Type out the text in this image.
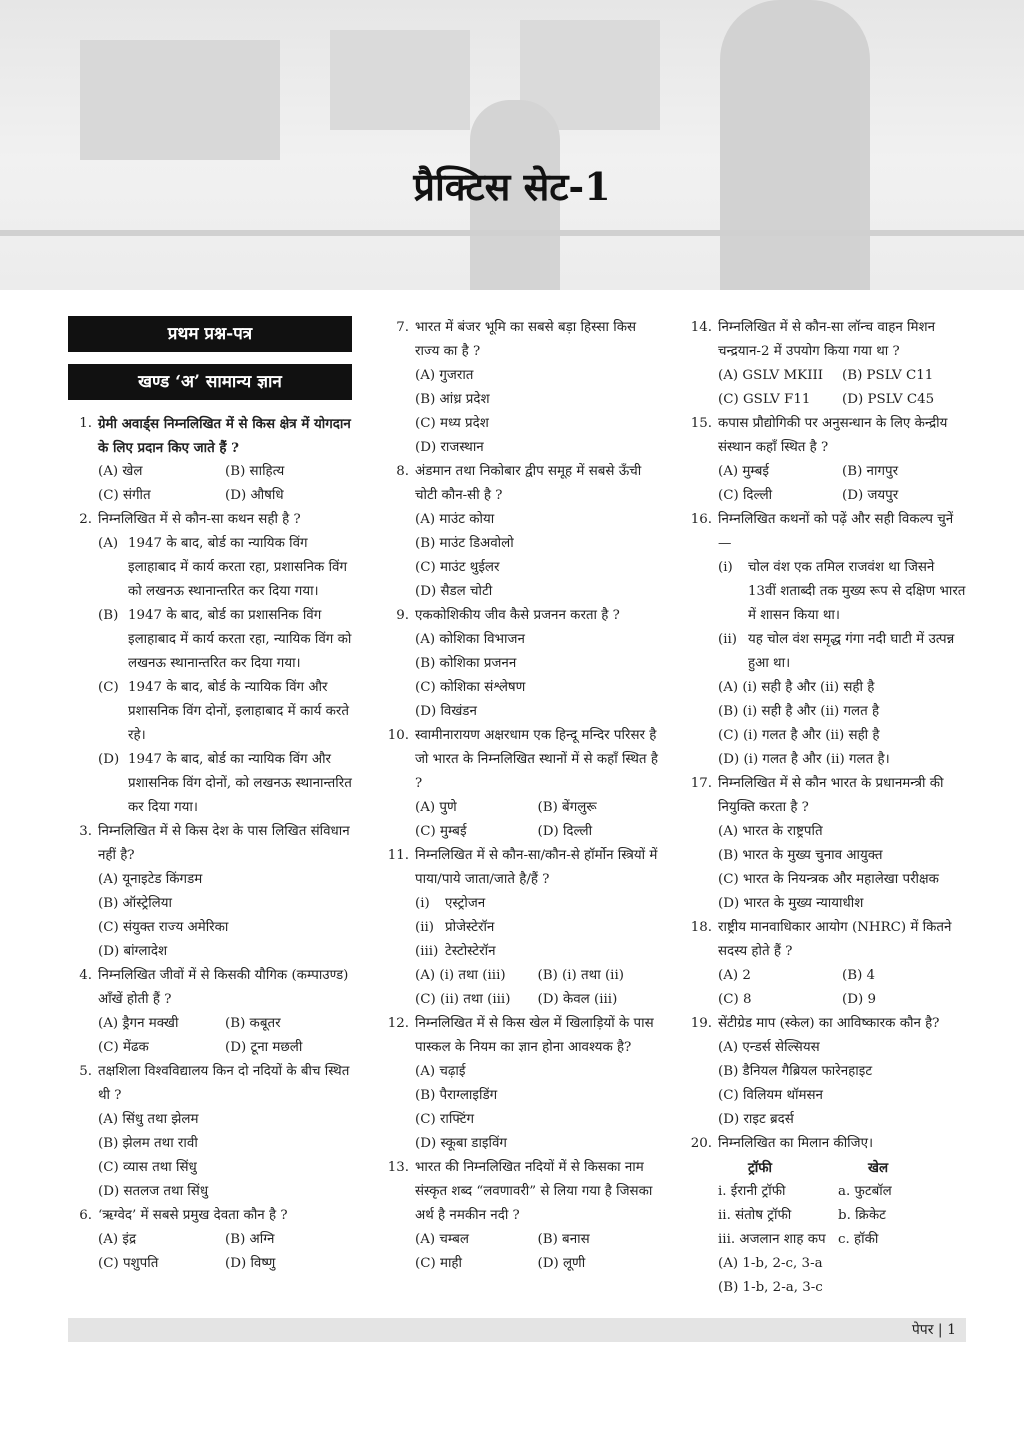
प्रैक्टिस सेट-1
प्रथम प्रश्न-पत्र
खण्ड ‘अ’ सामान्य ज्ञान
1. ग्रेमी अवार्ड्स निम्नलिखित में से किस क्षेत्र में योगदान के लिए प्रदान किए जाते हैं ?
(A) खेल	(B) साहित्य
(C) संगीत	(D) औषधि
2. निम्नलिखित में से कौन-सा कथन सही है ?
(A) 1947 के बाद, बोर्ड का न्यायिक विंग इलाहाबाद में कार्य करता रहा, प्रशासनिक विंग को लखनऊ स्थानान्तरित कर दिया गया।
(B) 1947 के बाद, बोर्ड का प्रशासनिक विंग इलाहाबाद में कार्य करता रहा, न्यायिक विंग को लखनऊ स्थानान्तरित कर दिया गया।
(C) 1947 के बाद, बोर्ड के न्यायिक विंग और प्रशासनिक विंग दोनों, इलाहाबाद में कार्य करते रहे।
(D) 1947 के बाद, बोर्ड का न्यायिक विंग और प्रशासनिक विंग दोनों, को लखनऊ स्थानान्तरित कर दिया गया।
3. निम्नलिखित में से किस देश के पास लिखित संविधान नहीं है?
(A) यूनाइटेड किंगडम
(B) ऑस्ट्रेलिया
(C) संयुक्त राज्य अमेरिका
(D) बांग्लादेश
4. निम्नलिखित जीवों में से किसकी यौगिक (कम्पाउण्ड) आँखें होती हैं ?
(A) ड्रैगन मक्खी	(B) कबूतर
(C) मेंढक	(D) टूना मछली
5. तक्षशिला विश्वविद्यालय किन दो नदियों के बीच स्थित थी ?
(A) सिंधु तथा झेलम
(B) झेलम तथा रावी
(C) व्यास तथा सिंधु
(D) सतलज तथा सिंधु
6. ‘ऋग्वेद’ में सबसे प्रमुख देवता कौन है ?
(A) इंद्र	(B) अग्नि
(C) पशुपति	(D) विष्णु
7. भारत में बंजर भूमि का सबसे बड़ा हिस्सा किस राज्य का है ?
(A) गुजरात
(B) आंध्र प्रदेश
(C) मध्य प्रदेश
(D) राजस्थान
8. अंडमान तथा निकोबार द्वीप समूह में सबसे ऊँची चोटी कौन-सी है ?
(A) माउंट कोया
(B) माउंट डिअवोलो
(C) माउंट थुईलर
(D) सैडल चोटी
9. एककोशिकीय जीव कैसे प्रजनन करता है ?
(A) कोशिका विभाजन
(B) कोशिका प्रजनन
(C) कोशिका संश्लेषण
(D) विखंडन
10. स्वामीनारायण अक्षरधाम एक हिन्दू मन्दिर परिसर है जो भारत के निम्नलिखित स्थानों में से कहाँ स्थित है ?
(A) पुणे	(B) बेंगलुरू
(C) मुम्बई	(D) दिल्ली
11. निम्नलिखित में से कौन-सा/कौन-से हॉर्मोन स्त्रियों में पाया/पाये जाता/जाते है/हैं ?
(i)	एस्ट्रोजन
(ii) प्रोजेस्टेरॉन
(iii) टेस्टोस्टेरॉन
(A) (i) तथा (iii)	(B) (i) तथा (ii)
(C) (ii) तथा (iii)	(D) केवल (iii)
12. निम्नलिखित में से किस खेल में खिलाड़ियों के पास पास्कल के नियम का ज्ञान होना आवश्यक है?
(A) चढ़ाई
(B) पैराग्लाइडिंग
(C) राफ्टिंग
(D) स्कूबा डाइविंग
13. भारत की निम्नलिखित नदियों में से किसका नाम संस्कृत शब्द “लवणावरी” से लिया गया है जिसका अर्थ है नमकीन नदी ?
(A) चम्बल	(B) बनास
(C) माही	(D) लूणी
14. निम्नलिखित में से कौन-सा लॉन्च वाहन मिशन चन्द्रयान-2 में उपयोग किया गया था ?
(A) GSLV MKIII	(B) PSLV C11
(C) GSLV F11	(D) PSLV C45
15. कपास प्रौद्योगिकी पर अनुसन्धान के लिए केन्द्रीय संस्थान कहाँ स्थित है ?
(A) मुम्बई	(B) नागपुर
(C) दिल्ली	(D) जयपुर
16. निम्नलिखित कथनों को पढ़ें और सही विकल्प चुनें—
(i)	चोल वंश एक तमिल राजवंश था जिसने 13वीं शताब्दी तक मुख्य रूप से दक्षिण भारत में शासन किया था।
(ii) यह चोल वंश समृद्ध गंगा नदी घाटी में उत्पन्न हुआ था।
(A) (i) सही है और (ii) सही है
(B) (i) सही है और (ii) गलत है
(C) (i) गलत है और (ii) सही है
(D) (i) गलत है और (ii) गलत है।
17. निम्नलिखित में से कौन भारत के प्रधानमन्त्री की नियुक्ति करता है ?
(A) भारत के राष्ट्रपति
(B) भारत के मुख्य चुनाव आयुक्त
(C) भारत के नियन्त्रक और महालेखा परीक्षक
(D) भारत के मुख्य न्यायाधीश
18. राष्ट्रीय मानवाधिकार आयोग (NHRC) में कितने सदस्य होते हैं ?
(A) 2	(B) 4
(C) 8	(D) 9
19. सेंटीग्रेड माप (स्केल) का आविष्कारक कौन है?
(A) एन्डर्स सेल्सियस
(B) डैनियल गैब्रियल फारेनहाइट
(C) विलियम थॉमसन
(D) राइट ब्रदर्स
20. निम्नलिखित का मिलान कीजिए।
ट्रॉफी	खेल
i. ईरानी ट्रॉफी	a. फुटबॉल
ii. संतोष ट्रॉफी	b. क्रिकेट
iii. अजलान शाह कप c. हॉकी
(A) 1-b, 2-c, 3-a
(B) 1-b, 2-a, 3-c
पेपर | 1
